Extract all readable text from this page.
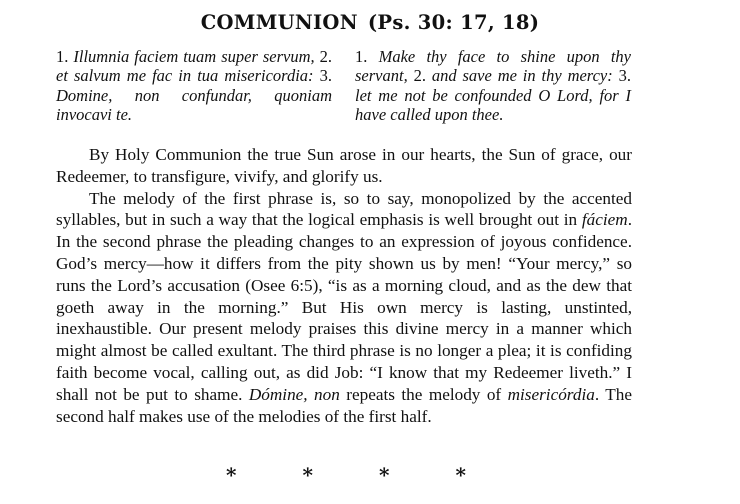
COMMUNION (Ps. 30: 17, 18)
1. Illumnia faciem tuam super servum, 2. et salvum me fac in tua misericordia: 3. Domine, non confundar, quoniam invocavi te.
1. Make thy face to shine upon thy servant, 2. and save me in thy mercy: 3. let me not be confounded O Lord, for I have called upon thee.

By Holy Communion the true Sun arose in our hearts, the Sun of grace, our Redeemer, to transfigure, vivify, and glorify us.

The melody of the first phrase is, so to say, monopolized by the accented syllables, but in such a way that the logical emphasis is well brought out in fáciem. In the second phrase the pleading changes to an expression of joyous confidence. God’s mercy—how it differs from the pity shown us by men! “Your mercy,” so runs the Lord’s accusation (Osee 6:5), “is as a morning cloud, and as the dew that goeth away in the morning.” But His own mercy is lasting, unstinted, inexhaustible. Our present melody praises this divine mercy in a manner which might almost be called exultant. The third phrase is no longer a plea; it is confiding faith become vocal, calling out, as did Job: “I know that my Redeemer liveth.” I shall not be put to shame. Dómine, non repeats the melody of misericórdia. The second half makes use of the melodies of the first half.

*	*	*	*
